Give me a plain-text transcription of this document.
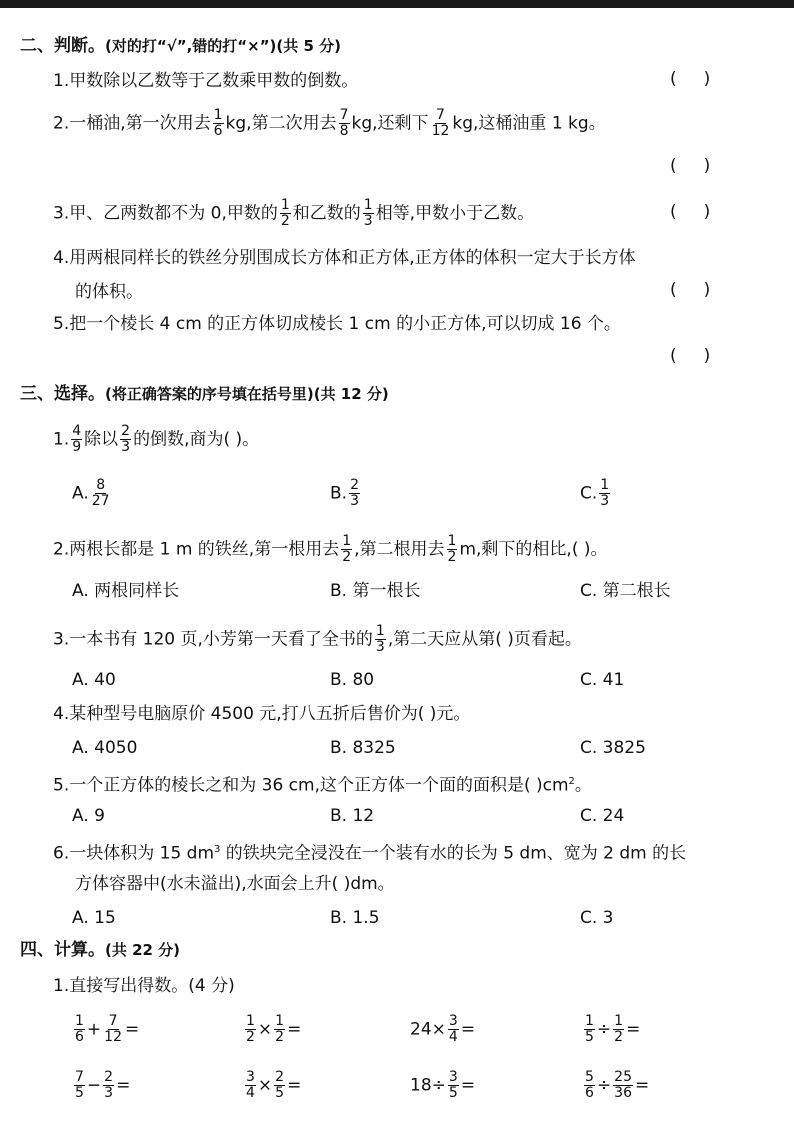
二、判断。(对的打“√”,错的打“×”)(共 5 分)
1.甲数除以乙数等于乙数乘甲数的倒数。	(     )
2.一桶油,第一次用去 $\frac{1}{6}$ kg,第二次用去 $\frac{7}{8}$ kg,还剩下 $\frac{7}{12}$ kg,这桶油重 1 kg。
(     )
3.甲、乙两数都不为 0,甲数的 $\frac{1}{2}$ 和乙数的 $\frac{1}{3}$ 相等,甲数小于乙数。	(     )
4.用两根同样长的铁丝分别围成长方体和正方体,正方体的体积一定大于长方体
的体积。	(     )
5.把一个棱长 4 cm 的正方体切成棱长 1 cm 的小正方体,可以切成 16 个。
(     )
三、选择。(将正确答案的序号填在括号里)(共 12 分)
1. $\frac{4}{9}$ 除以 $\frac{2}{3}$ 的倒数,商为( )。
A. $\frac{8}{27}$	B. $\frac{2}{3}$	C. $\frac{1}{3}$
2.两根长都是 1 m 的铁丝,第一根用去 $\frac{1}{2}$ ,第二根用去 $\frac{1}{2} m$,剩下的相比,( )。
A. 两根同样长	B. 第一根长	C. 第二根长
3.一本书有 120 页,小芳第一天看了全书的 $\frac{1}{3}$ ,第二天应从第( )页看起。
A. 40	B. 80	C. 41
4.某种型号电脑原价 4500 元,打八五折后售价为( )元。
A. 4050	B. 8325	C. 3825
5.一个正方体的棱长之和为 36 cm,这个正方体一个面的面积是( )$cm^2$。
A. 9	B. 12	C. 24
6.一块体积为 15 $dm^3$ 的铁块完全浸没在一个装有水的长为 5 dm、宽为 2 dm 的长
方体容器中(水未溢出),水面会上升( )dm。
A. 15	B. 1.5	C. 3
四、计算。(共 22 分)
1.直接写出得数。(4 分)
$\frac{1}{6} + \frac{7}{12}$ =	$\frac{1}{2} \times \frac{1}{2}$ =	$24\times \frac{3}{4}$ =	$\frac{1}{5} \div \frac{1}{2}$ =
$\frac{7}{5} - \frac{2}{3}$ =	$\frac{3}{4} \times \frac{2}{5}$ =	$18\div \frac{3}{5}$ =	$\frac{5}{6} \div \frac{25}{36}$ =
